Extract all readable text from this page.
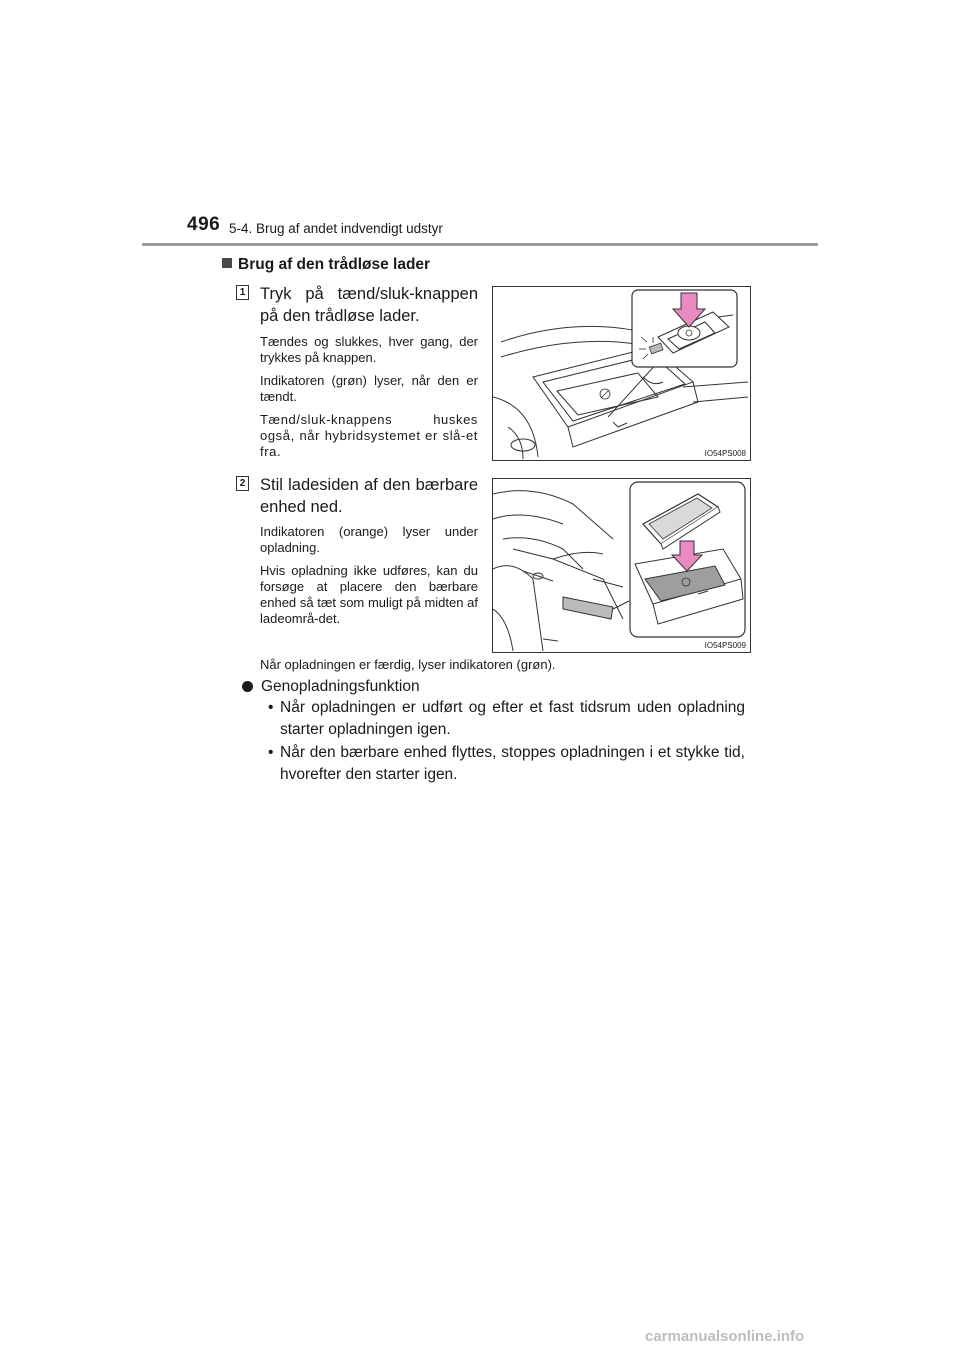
496 5-4. Brug af andet indvendigt udstyr
Brug af den trådløse lader
1 Tryk på tænd/sluk-knappen på den trådløse lader.
Tændes og slukkes, hver gang, der trykkes på knappen.
Indikatoren (grøn) lyser, når den er tændt.
Tænd/sluk-knappens huskes også, når hybridsystemet er slå-et fra.	IO54PS008
2 Stil ladesiden af den bærbare enhed ned.
Indikatoren (orange) lyser under opladning.
Hvis opladning ikke udføres, kan du forsøge at placere den bærbare enhed så tæt som muligt på midten af ladeområ-det.
IO54PS009
Når opladningen er færdig, lyser indikatoren (grøn).
Genopladningsfunktion
• Når opladningen er udført og efter et fast tidsrum uden opladning starter opladningen igen.
• Når den bærbare enhed flyttes, stoppes opladningen i et stykke tid, hvorefter den starter igen.
carmanualsonline.info
